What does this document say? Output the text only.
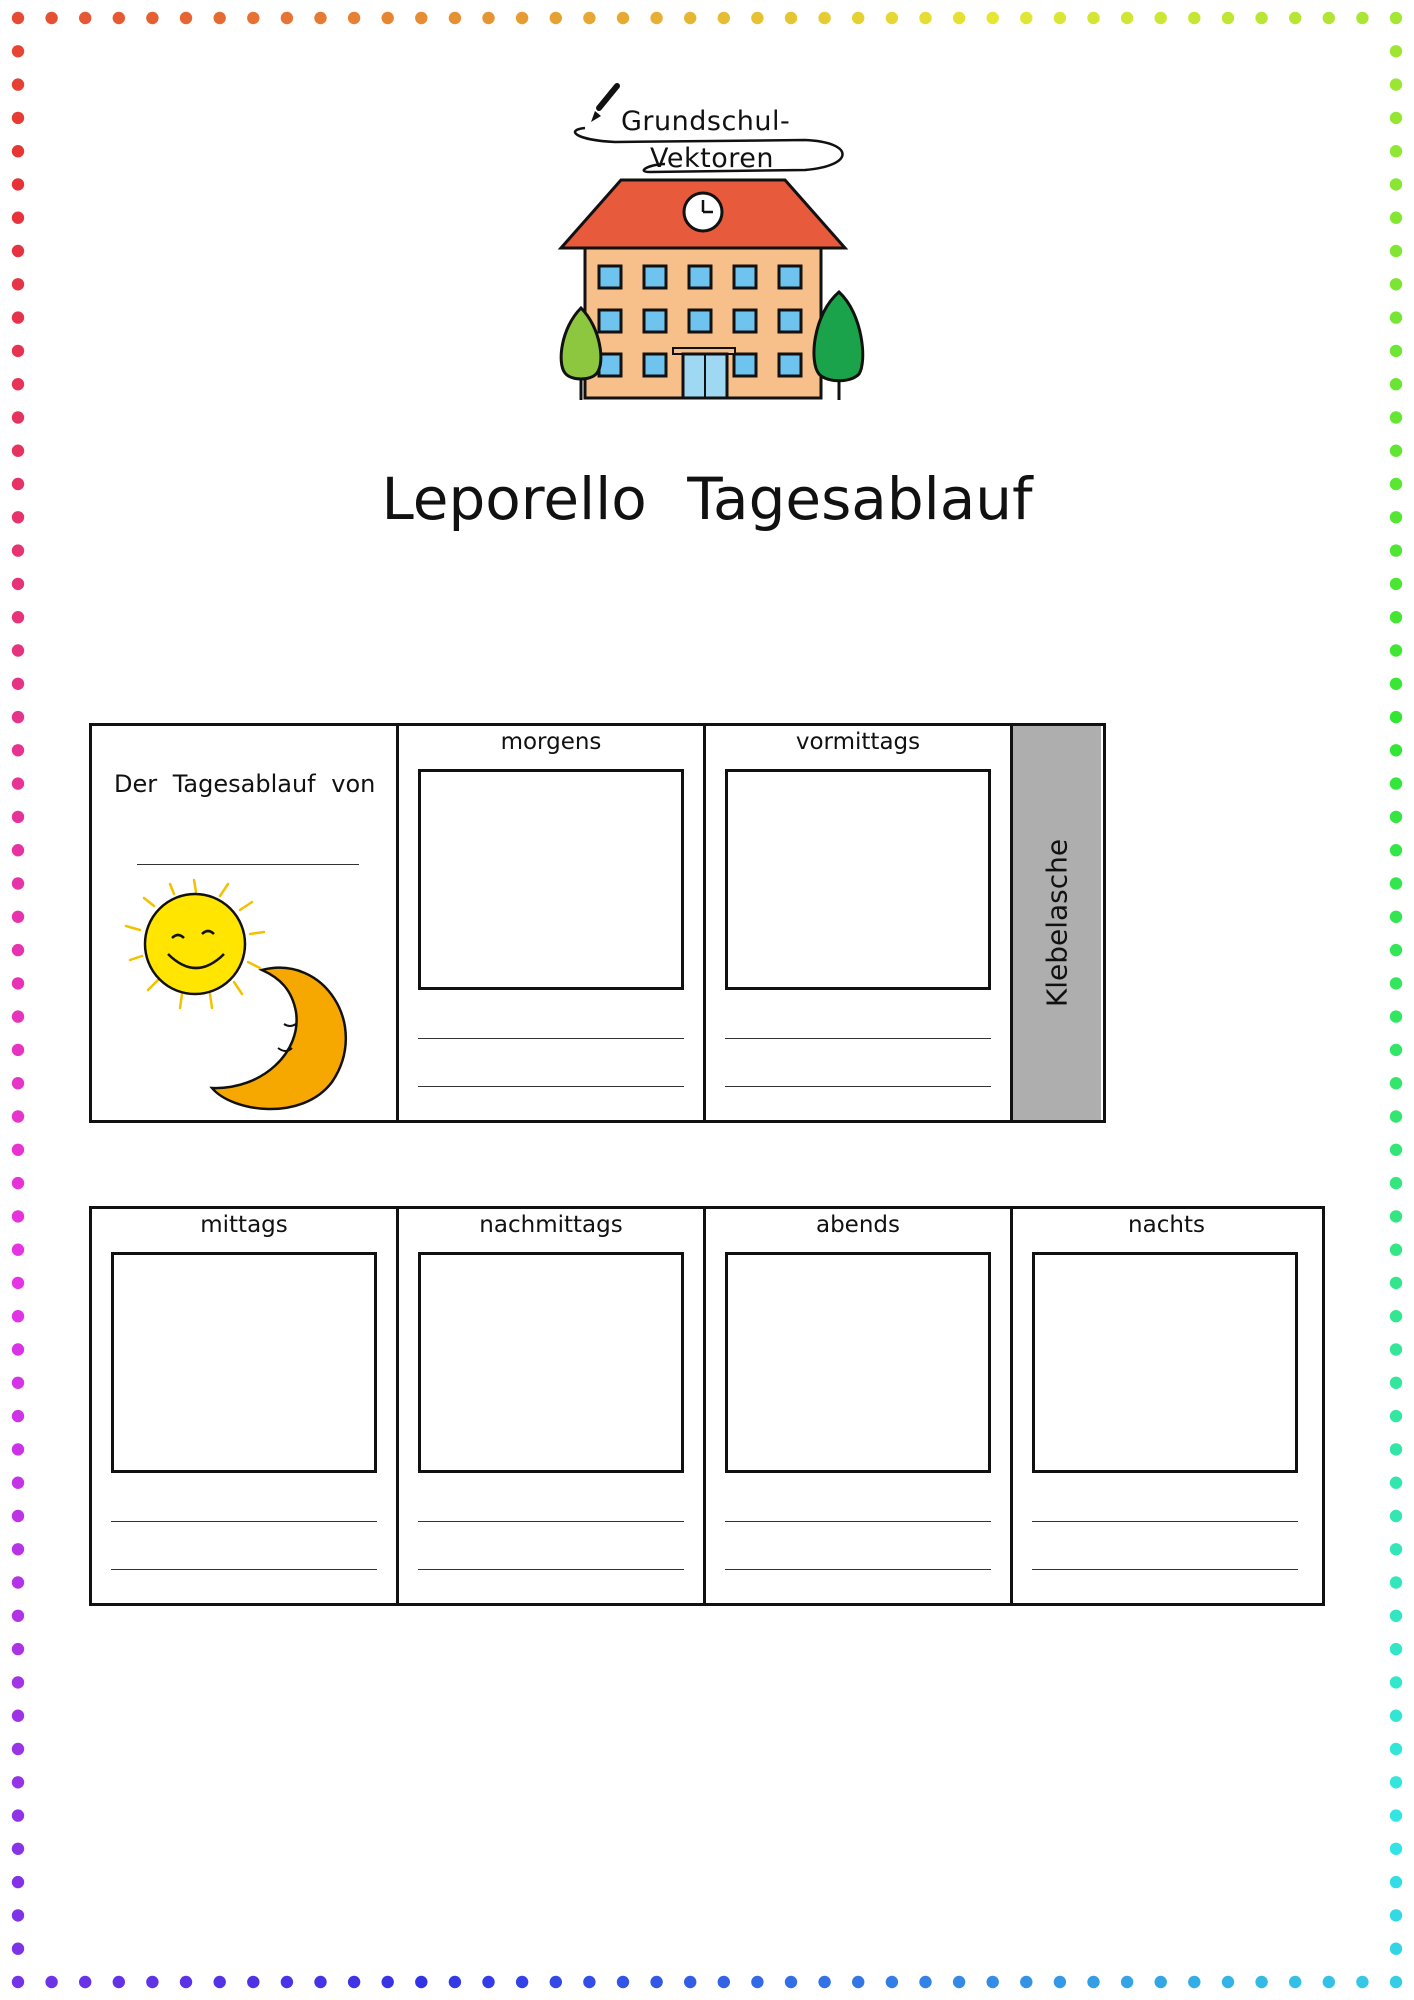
Grundschul-
Vektoren
Leporello Tagesablauf
Der Tagesablauf von
morgens	vormittags
Klebelasche
mittags	nachmittags	abends	nachts
